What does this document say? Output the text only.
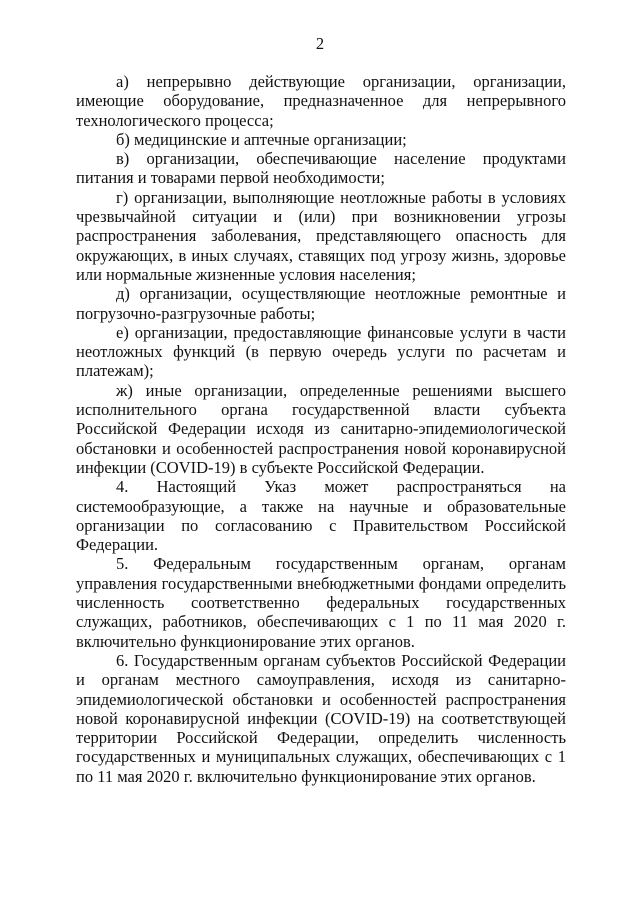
2

а) непрерывно действующие организации, организации, имеющие оборудование, предназначенное для непрерывного технологического процесса;

б) медицинские и аптечные организации;

в) организации, обеспечивающие население продуктами питания и товарами первой необходимости;

г) организации, выполняющие неотложные работы в условиях чрезвычайной ситуации и (или) при возникновении угрозы распространения заболевания, представляющего опасность для окружающих, в иных случаях, ставящих под угрозу жизнь, здоровье или нормальные жизненные условия населения;

д) организации, осуществляющие неотложные ремонтные и погрузочно-разгрузочные работы;

е) организации, предоставляющие финансовые услуги в части неотложных функций (в первую очередь услуги по расчетам и платежам);

ж) иные организации, определенные решениями высшего исполнительного органа государственной власти субъекта Российской Федерации исходя из санитарно-эпидемиологической обстановки и особенностей распространения новой коронавирусной инфекции (COVID-19) в субъекте Российской Федерации.

4. Настоящий Указ может распространяться на системообразующие, а также на научные и образовательные организации по согласованию с Правительством Российской Федерации.

5. Федеральным государственным органам, органам управления государственными внебюджетными фондами определить численность соответственно федеральных государственных служащих, работников, обеспечивающих с 1 по 11 мая 2020 г. включительно функционирование этих органов.

6. Государственным органам субъектов Российской Федерации и органам местного самоуправления, исходя из санитарно-эпидемиологической обстановки и особенностей распространения новой коронавирусной инфекции (COVID-19) на соответствующей территории Российской Федерации, определить численность государственных и муниципальных служащих, обеспечивающих с 1 по 11 мая 2020 г. включительно функционирование этих органов.
